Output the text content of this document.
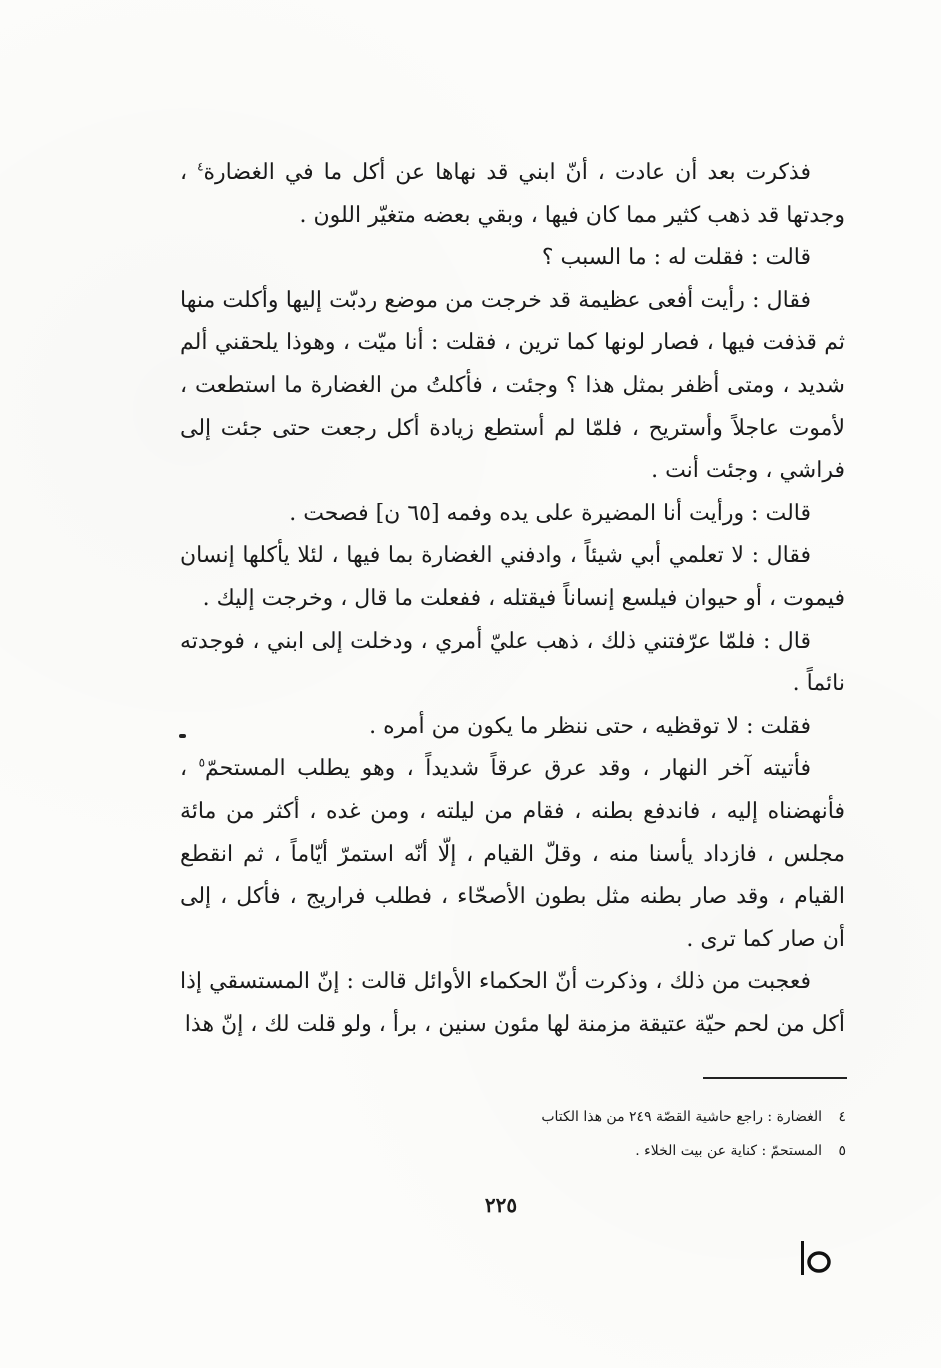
فذكرت بعد أن عادت ، أنّ ابني قد نهاها عن أكل ما في الغضارة$^٤$ ، وجدتها قد ذهب كثير مما كان فيها ، وبقي بعضه متغيّر اللون .

قالت : فقلت له : ما السبب ؟

فقال : رأيت أفعى عظيمة قد خرجت من موضع ردبّت إليها وأكلت منها ثم قذفت فيها ، فصار لونها كما ترين ، فقلت : أنا ميّت ، وهوذا يلحقني ألم شديد ، ومتى أظفر بمثل هذا ؟ وجئت ، فأكلتُ من الغضارة ما استطعت ، لأموت عاجلاً وأستريح ، فلمّا لم أستطع زيادة أكل رجعت حتى جئت إلى فراشي ، وجئت أنت .

قالت : ورأيت أنا المضيرة على يده وفمه [٦٥ ن] فصحت .

فقال : لا تعلمي أبي شيئاً ، وادفني الغضارة بما فيها ، لئلا يأكلها إنسان فيموت ، أو حيوان فيلسع إنساناً فيقتله ، ففعلت ما قال ، وخرجت إليك .

قال : فلمّا عرّفتني ذلك ، ذهب عليّ أمري ، ودخلت إلى ابني ، فوجدته نائماً .

فقلت : لا توقظيه ، حتى ننظر ما يكون من أمره .

فأتيته آخر النهار ، وقد عرق عرقاً شديداً ، وهو يطلب المستحمّ$^٥$ ، فأنهضناه إليه ، فاندفع بطنه ، فقام من ليلته ، ومن غده ، أكثر من مائة مجلس ، فازداد يأسنا منه ، وقلّ القيام ، إلّا أنّه استمرّ أيّاماً ، ثم انقطع القيام ، وقد صار بطنه مثل بطون الأصحّاء ، فطلب فراريج ، فأكل ، إلى أن صار كما ترى .

فعجبت من ذلك ، وذكرت أنّ الحكماء الأوائل قالت : إنّ المستسقي إذا أكل من لحم حيّة عتيقة مزمنة لها مئون سنين ، برأ ، ولو قلت لك ، إنّ هذا

٤
الغضارة : راجع حاشية القصّة ٢٤٩ من هذا الكتاب
٥
المستحمّ : كناية عن بيت الخلاء .
٢٢٥
